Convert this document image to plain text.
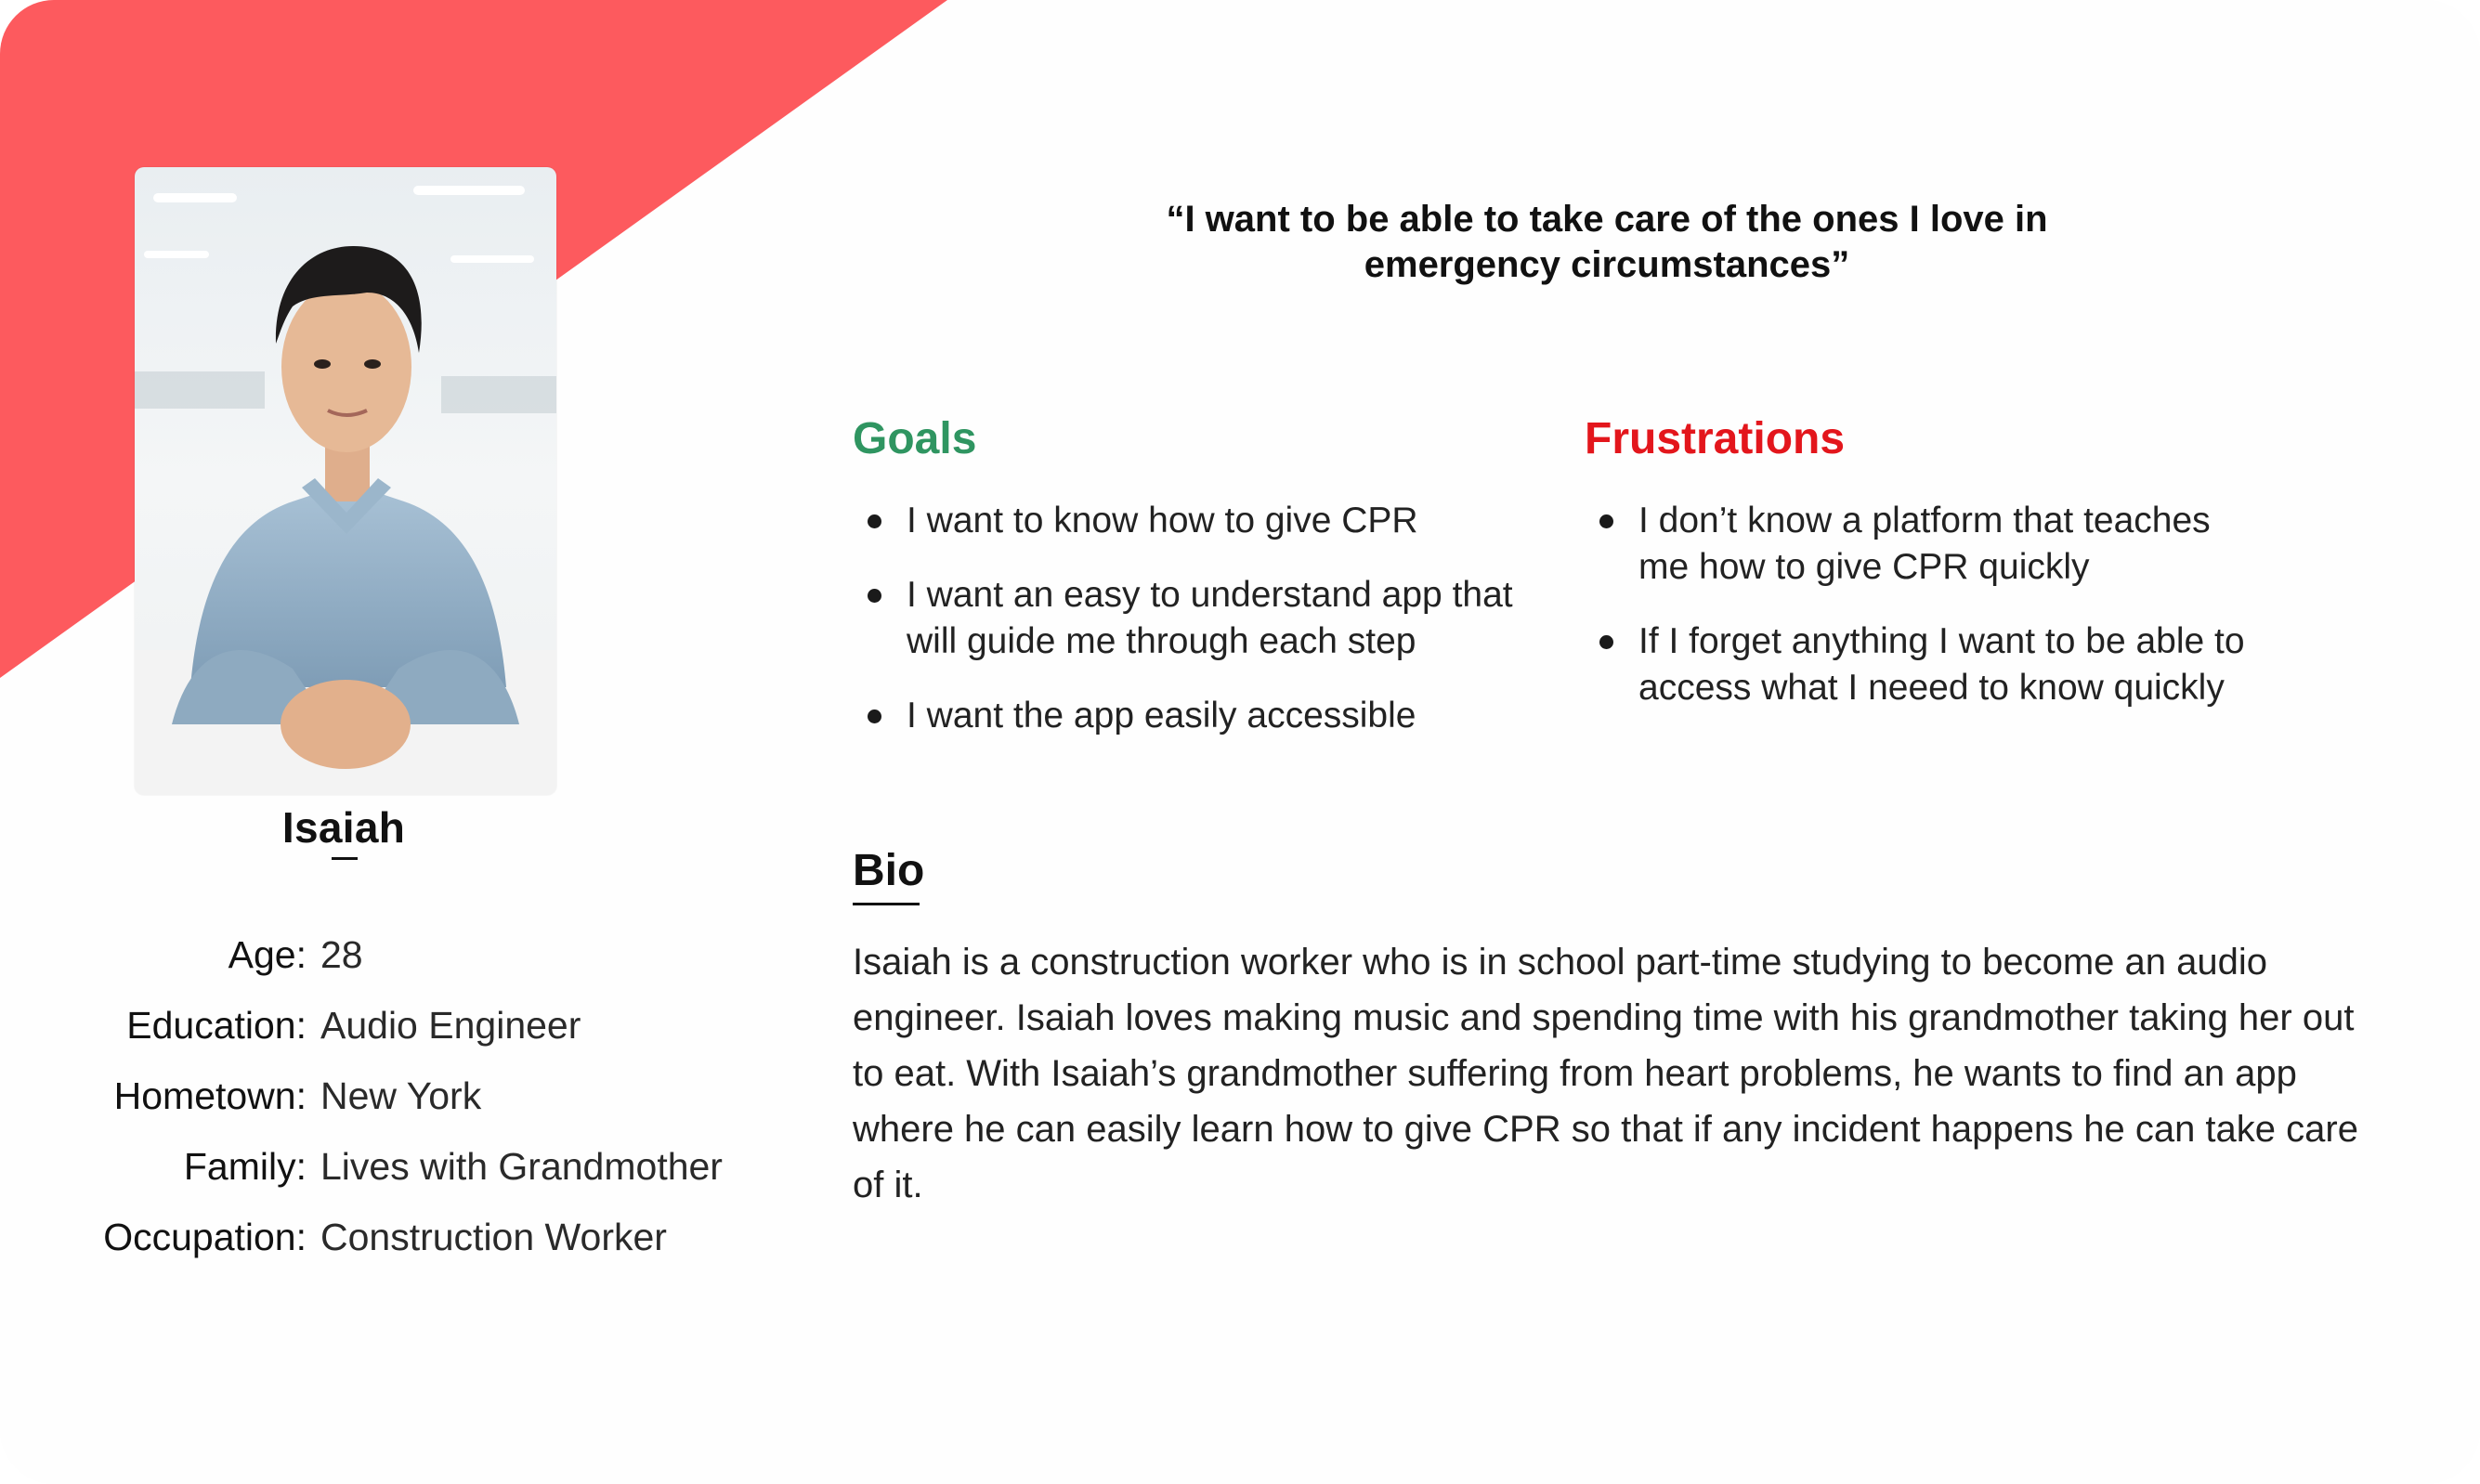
Isaiah
Age: 28
Education: Audio Engineer
Hometown: New York
Family: Lives with Grandmother
Occupation: Construction Worker
“I want to be able to take care of the ones I love in emergency circumstances”
Goals
I want to know how to give CPR
I want an easy to understand app that will guide me through each step
I want the app easily accessible
Frustrations
I don’t know a platform that teaches me how to give CPR quickly
If I forget anything I want to be able to access what I neeed to know quickly
Bio
Isaiah is a construction worker who is in school part-time studying to become an audio engineer. Isaiah loves making music and spending time with his grandmother taking her out to eat. With Isaiah’s grandmother suffering from heart problems, he wants to find an app where he can easily learn how to give CPR so that if any incident happens he can take care of it.
